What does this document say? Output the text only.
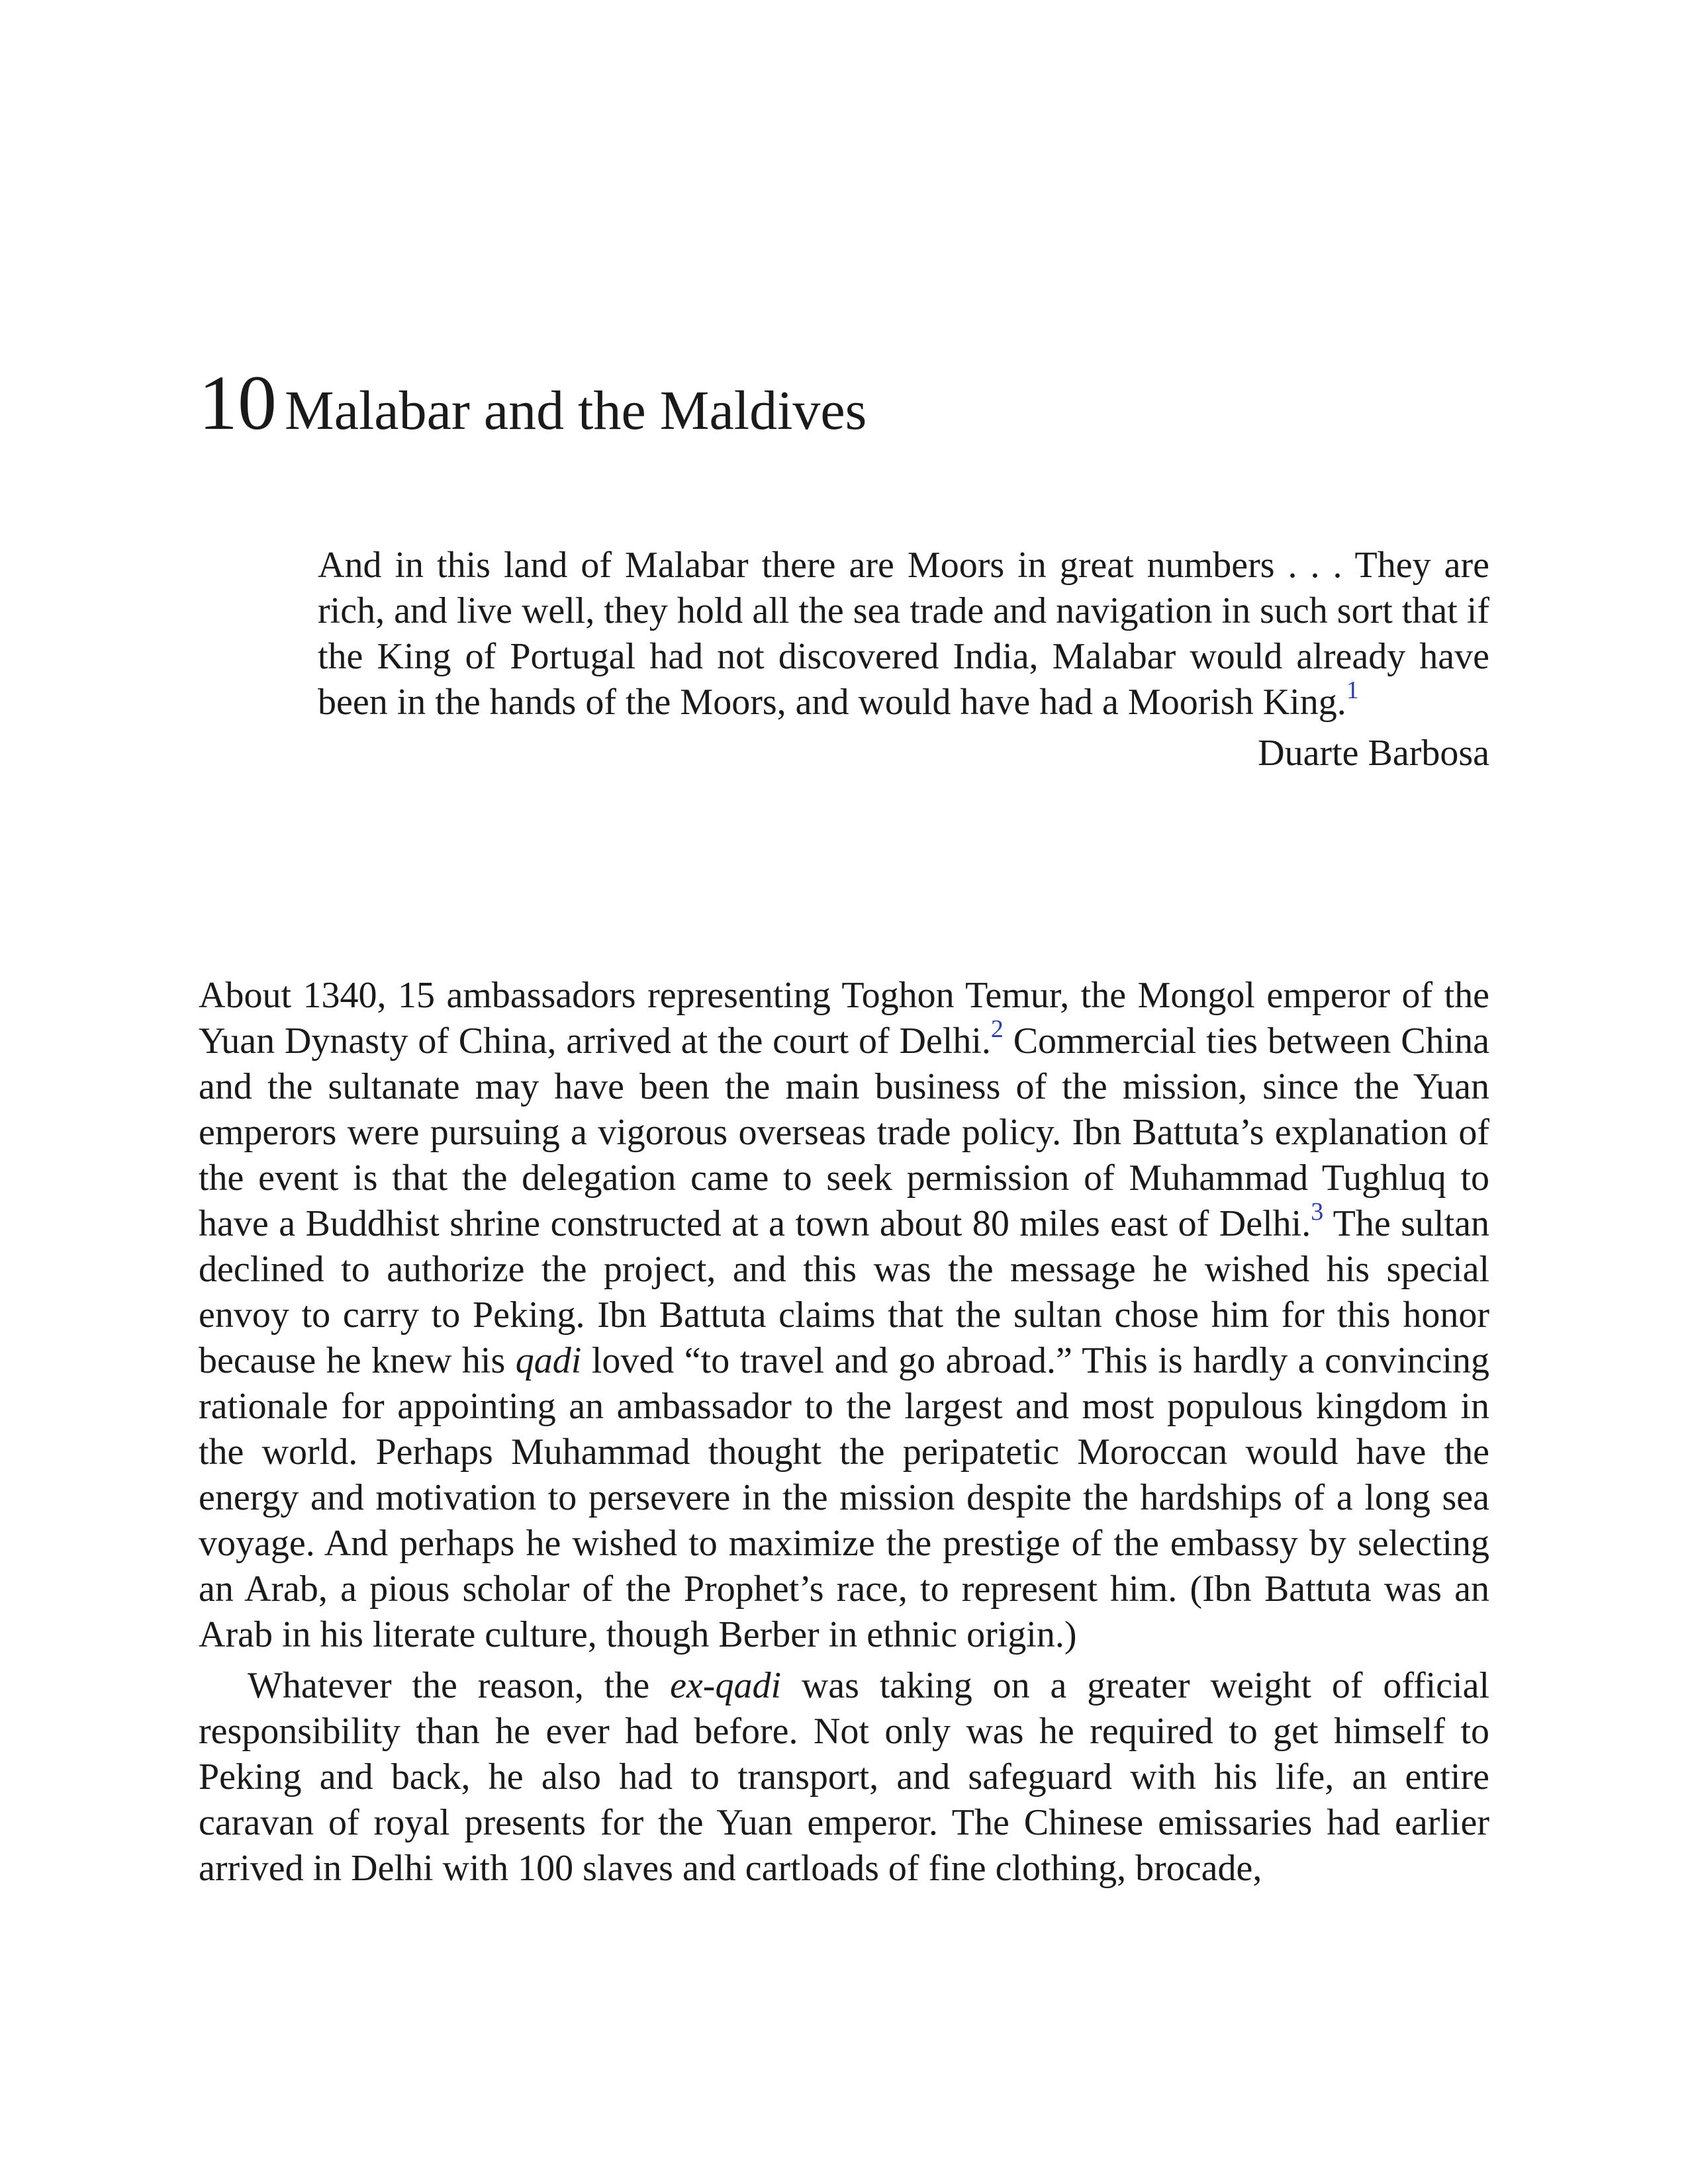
10 Malabar and the Maldives

And in this land of Malabar there are Moors in great numbers . . . They are rich, and live well, they hold all the sea trade and navigation in such sort that if the King of Portugal had not discovered India, Malabar would already have been in the hands of the Moors, and would have had a Moorish King.$^1$

Duarte Barbosa

About 1340, 15 ambassadors representing Toghon Temur, the Mongol emperor of the Yuan Dynasty of China, arrived at the court of Delhi.$^2$ Commercial ties between China and the sultanate may have been the main business of the mission, since the Yuan emperors were pursuing a vigorous overseas trade policy. Ibn Battuta’s explanation of the event is that the delegation came to seek permission of Muhammad Tughluq to have a Buddhist shrine constructed at a town about 80 miles east of Delhi.$^3$ The sultan declined to authorize the project, and this was the message he wished his special envoy to carry to Peking. Ibn Battuta claims that the sultan chose him for this honor because he knew his qadi loved “to travel and go abroad.” This is hardly a convincing rationale for appointing an ambassador to the largest and most populous kingdom in the world. Perhaps Muhammad thought the peripatetic Moroccan would have the energy and motivation to persevere in the mission despite the hardships of a long sea voyage. And perhaps he wished to maximize the prestige of the embassy by selecting an Arab, a pious scholar of the Prophet’s race, to represent him. (Ibn Battuta was an Arab in his literate culture, though Berber in ethnic origin.)

Whatever the reason, the ex-qadi was taking on a greater weight of official responsibility than he ever had before. Not only was he required to get himself to Peking and back, he also had to transport, and safeguard with his life, an entire caravan of royal presents for the Yuan emperor. The Chinese emissaries had earlier arrived in Delhi with 100 slaves and cartloads of fine clothing, brocade,
